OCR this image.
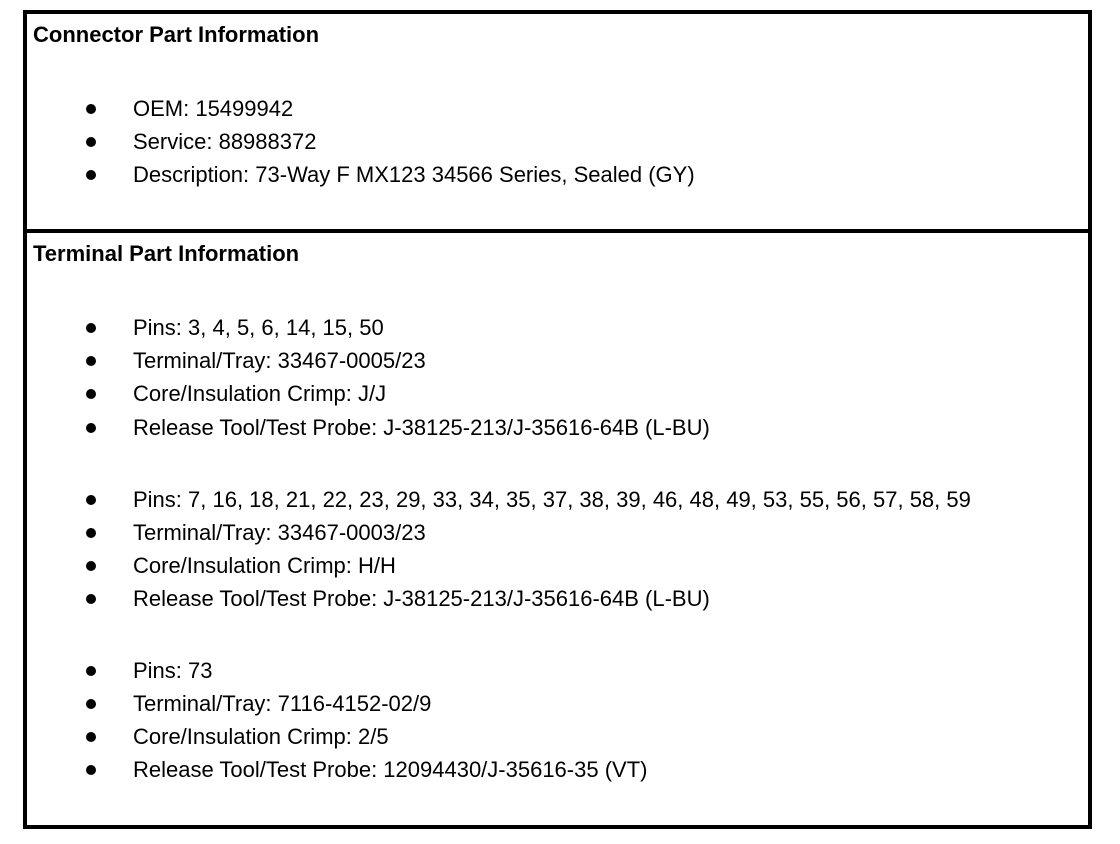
Connector Part Information
OEM: 15499942
Service: 88988372
Description: 73-Way F MX123 34566 Series, Sealed (GY)
Terminal Part Information
Pins: 3, 4, 5, 6, 14, 15, 50
Terminal/Tray: 33467-0005/23
Core/Insulation Crimp: J/J
Release Tool/Test Probe: J-38125-213/J-35616-64B (L-BU)
Pins: 7, 16, 18, 21, 22, 23, 29, 33, 34, 35, 37, 38, 39, 46, 48, 49, 53, 55, 56, 57, 58, 59
Terminal/Tray: 33467-0003/23
Core/Insulation Crimp: H/H
Release Tool/Test Probe: J-38125-213/J-35616-64B (L-BU)
Pins: 73
Terminal/Tray: 7116-4152-02/9
Core/Insulation Crimp: 2/5
Release Tool/Test Probe: 12094430/J-35616-35 (VT)
